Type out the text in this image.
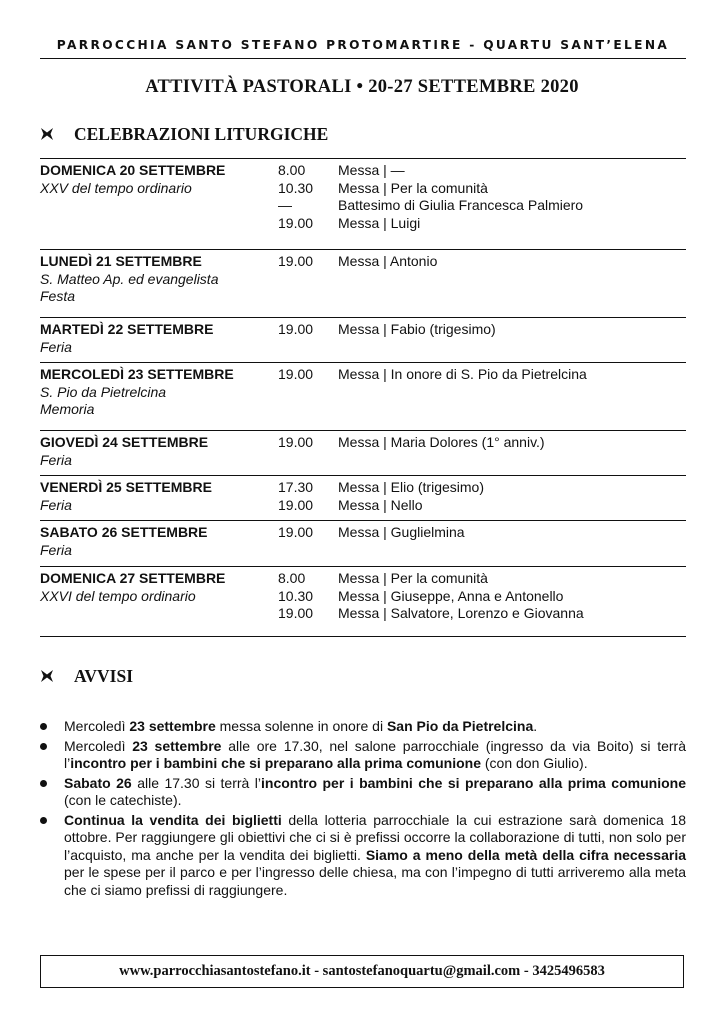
PARROCCHIA SANTO STEFANO PROTOMARTIRE - QUARTU SANT’ELENA
ATTIVITÀ PASTORALI • 20-27 SETTEMBRE 2020
CELEBRAZIONI LITURGICHE
DOMENICA 20 SETTEMBRE
XXV del tempo ordinario
8.00	Messa | —
10.30	Messa | Per la comunità
—	Battesimo di Giulia Francesca Palmiero
19.00	Messa | Luigi
LUNEDÌ 21 SETTEMBRE
S. Matteo Ap. ed evangelista
Festa
19.00	Messa | Antonio
MARTEDÌ 22 SETTEMBRE
Feria
19.00	Messa | Fabio (trigesimo)
MERCOLEDÌ 23 SETTEMBRE
S. Pio da Pietrelcina
Memoria
19.00	Messa | In onore di S. Pio da Pietrelcina
GIOVEDÌ 24 SETTEMBRE
Feria
19.00	Messa | Maria Dolores (1° anniv.)
VENERDÌ 25 SETTEMBRE
Feria
17.30	Messa | Elio (trigesimo)
19.00	Messa | Nello
SABATO 26 SETTEMBRE
Feria
19.00	Messa | Guglielmina
DOMENICA 27 SETTEMBRE
XXVI del tempo ordinario
8.00	Messa | Per la comunità
10.30	Messa | Giuseppe, Anna e Antonello
19.00	Messa | Salvatore, Lorenzo e Giovanna
AVVISI
Mercoledì 23 settembre messa solenne in onore di San Pio da Pietrelcina.
Mercoledì 23 settembre alle ore 17.30, nel salone parrocchiale (ingresso da via Boito) si terrà l’incontro per i bambini che si preparano alla prima comunione (con don Giulio).
Sabato 26 alle 17.30 si terrà l’incontro per i bambini che si preparano alla prima comunione (con le catechiste).
Continua la vendita dei biglietti della lotteria parrocchiale la cui estrazione sarà domenica 18 ottobre. Per raggiungere gli obiettivi che ci si è prefissi occorre la collaborazione di tutti, non solo per l’acquisto, ma anche per la vendita dei biglietti. Siamo a meno della metà della cifra necessaria per le spese per il parco e per l’ingresso delle chiesa, ma con l’impegno di tutti arriveremo alla meta che ci siamo prefissi di raggiungere.
www.parrocchiasantostefano.it - santostefanoquartu@gmail.com - 3425496583
